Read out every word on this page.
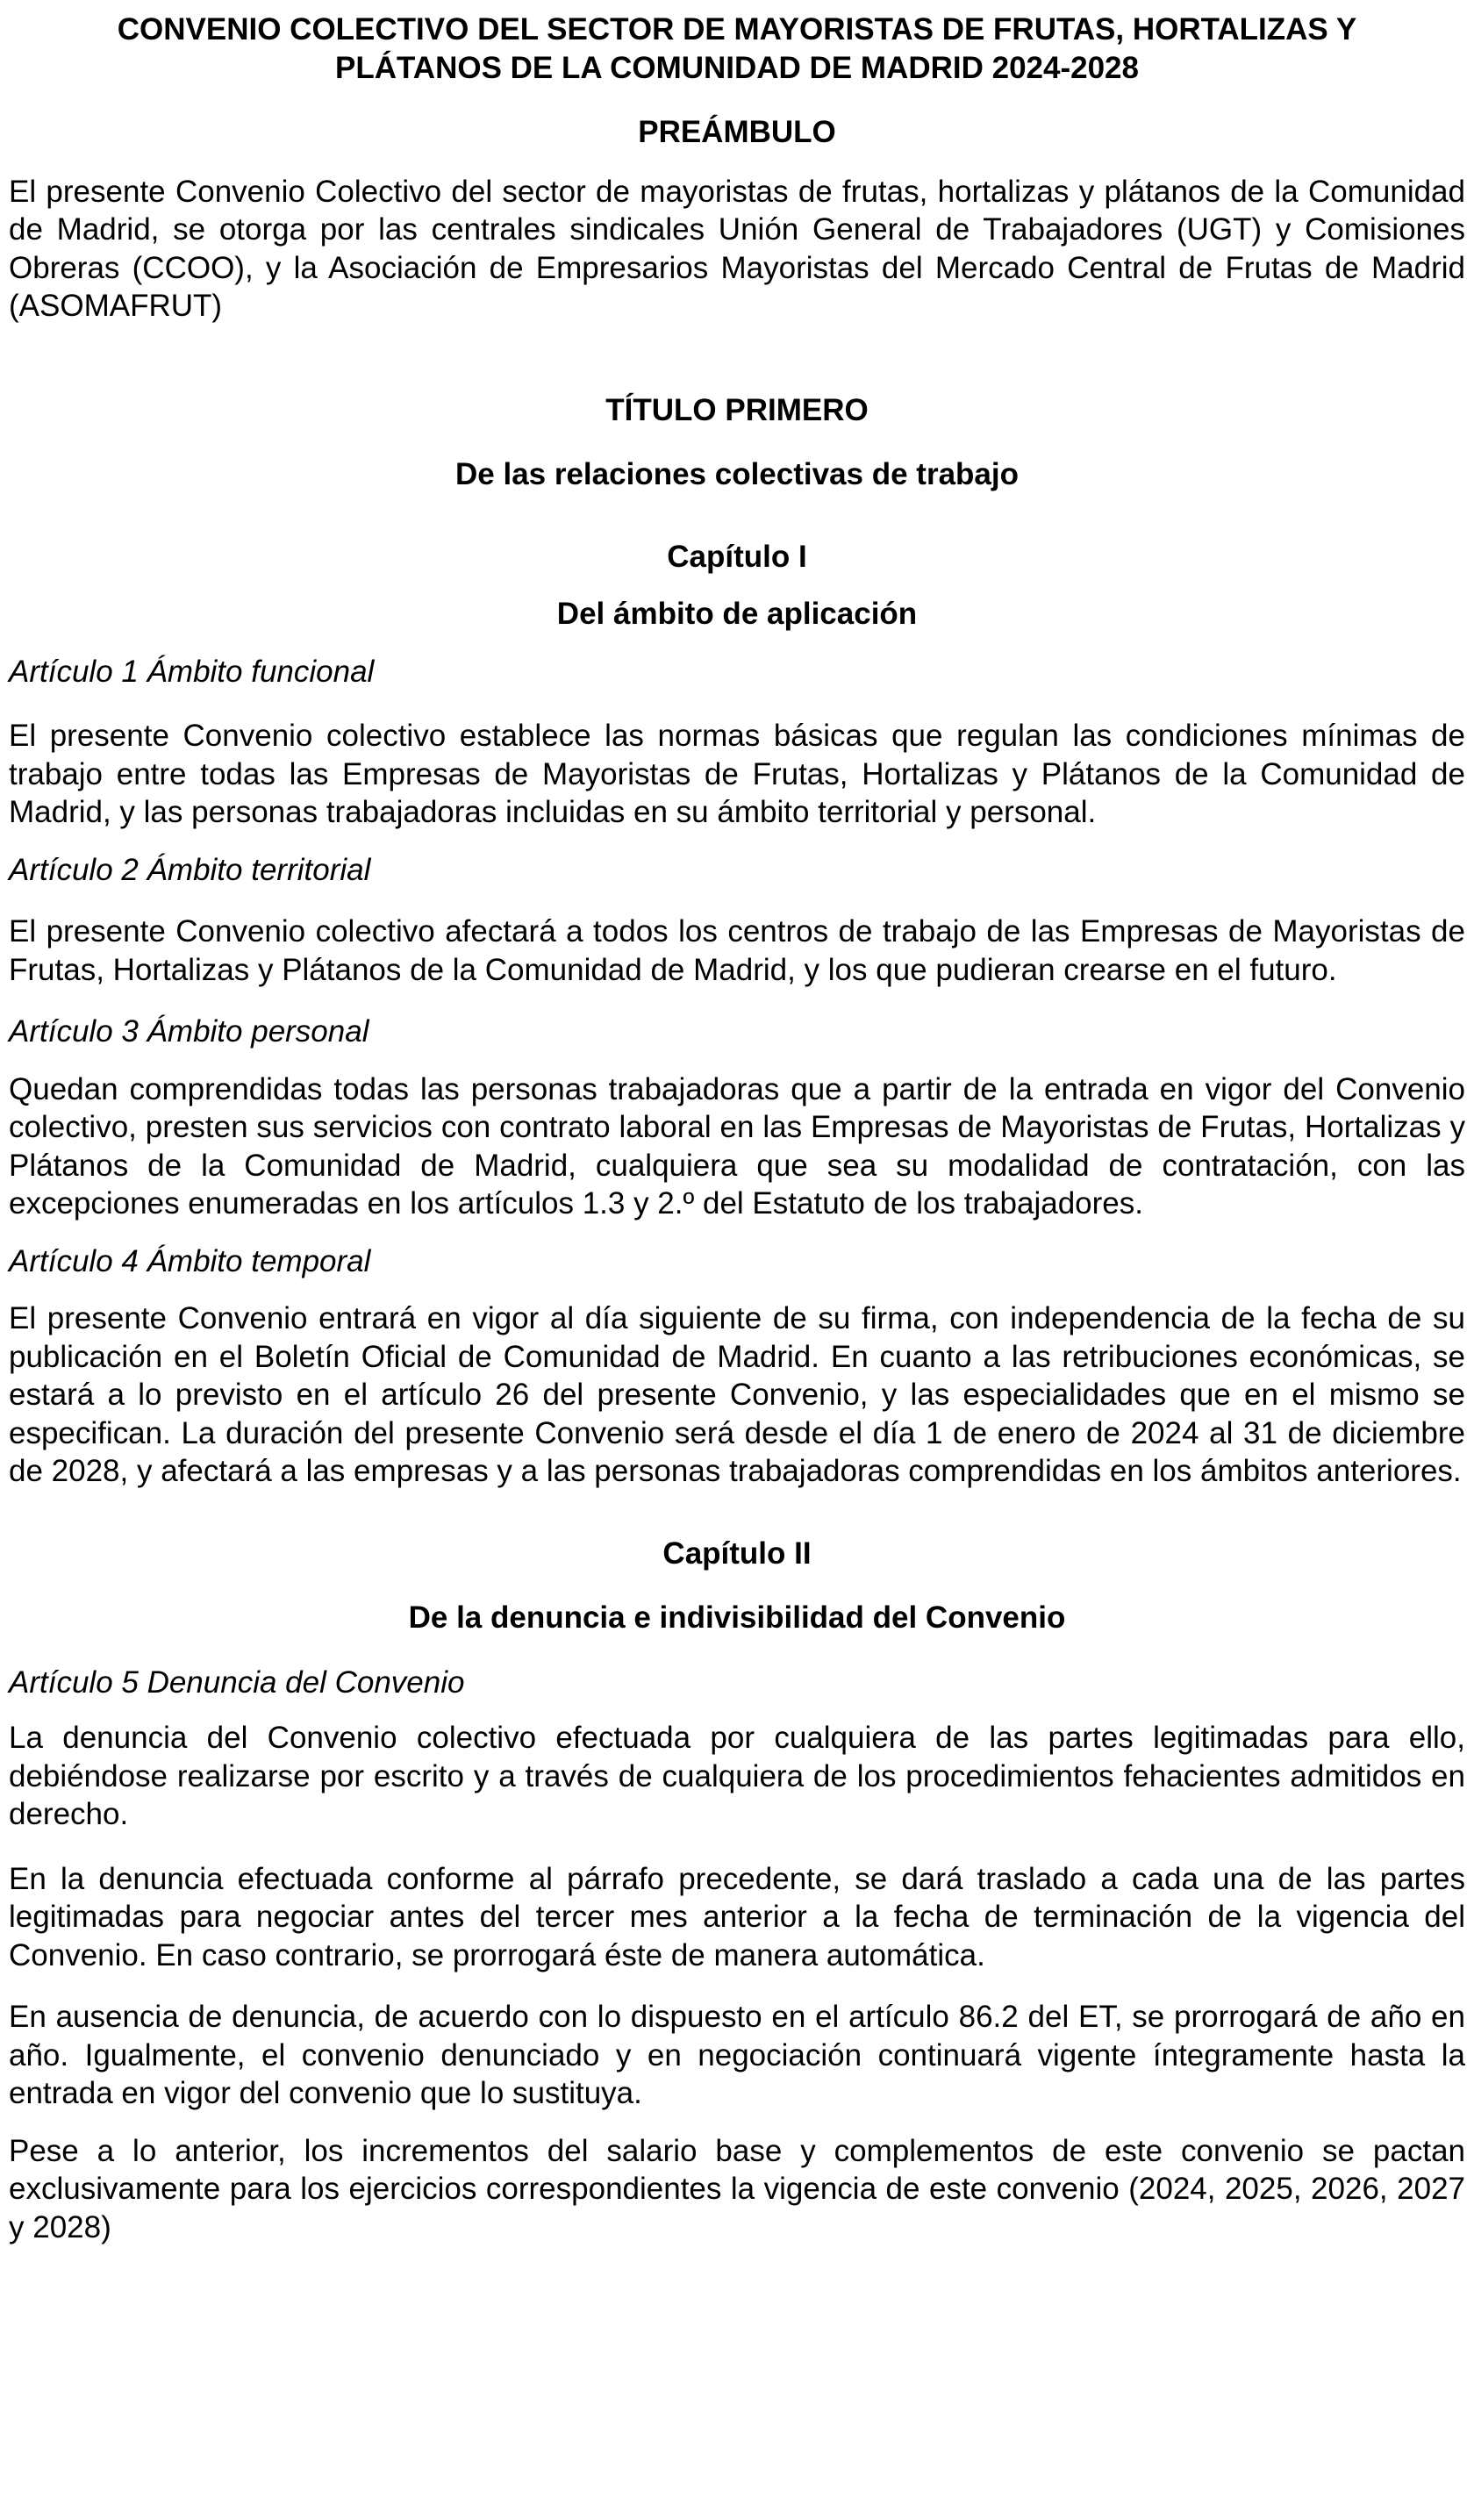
CONVENIO COLECTIVO DEL SECTOR DE MAYORISTAS DE FRUTAS, HORTALIZAS Y PLÁTANOS DE LA COMUNIDAD DE MADRID 2024-2028
PREÁMBULO

El presente Convenio Colectivo del sector de mayoristas de frutas, hortalizas y plátanos de la Comunidad de Madrid, se otorga por las centrales sindicales Unión General de Trabajadores (UGT) y Comisiones Obreras (CCOO), y la Asociación de Empresarios Mayoristas del Mercado Central de Frutas de Madrid (ASOMAFRUT)

TÍTULO PRIMERO
De las relaciones colectivas de trabajo
Capítulo I
Del ámbito de aplicación

Artículo 1 Ámbito funcional

El presente Convenio colectivo establece las normas básicas que regulan las condiciones mínimas de trabajo entre todas las Empresas de Mayoristas de Frutas, Hortalizas y Plátanos de la Comunidad de Madrid, y las personas trabajadoras incluidas en su ámbito territorial y personal.

Artículo 2 Ámbito territorial

El presente Convenio colectivo afectará a todos los centros de trabajo de las Empresas de Mayoristas de Frutas, Hortalizas y Plátanos de la Comunidad de Madrid, y los que pudieran crearse en el futuro.

Artículo 3 Ámbito personal

Quedan comprendidas todas las personas trabajadoras que a partir de la entrada en vigor del Convenio colectivo, presten sus servicios con contrato laboral en las Empresas de Mayoristas de Frutas, Hortalizas y Plátanos de la Comunidad de Madrid, cualquiera que sea su modalidad de contratación, con las excepciones enumeradas en los artículos 1.3 y 2.º del Estatuto de los trabajadores.

Artículo 4 Ámbito temporal

El presente Convenio entrará en vigor al día siguiente de su firma, con independencia de la fecha de su publicación en el Boletín Oficial de Comunidad de Madrid. En cuanto a las retribuciones económicas, se estará a lo previsto en el artículo 26 del presente Convenio, y las especialidades que en el mismo se especifican. La duración del presente Convenio será desde el día 1 de enero de 2024 al 31 de diciembre de 2028, y afectará a las empresas y a las personas trabajadoras comprendidas en los ámbitos anteriores.

Capítulo II
De la denuncia e indivisibilidad del Convenio

Artículo 5 Denuncia del Convenio

La denuncia del Convenio colectivo efectuada por cualquiera de las partes legitimadas para ello, debiéndose realizarse por escrito y a través de cualquiera de los procedimientos fehacientes admitidos en derecho.

En la denuncia efectuada conforme al párrafo precedente, se dará traslado a cada una de las partes legitimadas para negociar antes del tercer mes anterior a la fecha de terminación de la vigencia del Convenio. En caso contrario, se prorrogará éste de manera automática.

En ausencia de denuncia, de acuerdo con lo dispuesto en el artículo 86.2 del ET, se prorrogará de año en año. Igualmente, el convenio denunciado y en negociación continuará vigente íntegramente hasta la entrada en vigor del convenio que lo sustituya.

Pese a lo anterior, los incrementos del salario base y complementos de este convenio se pactan exclusivamente para los ejercicios correspondientes la vigencia de este convenio (2024, 2025, 2026, 2027 y 2028)
